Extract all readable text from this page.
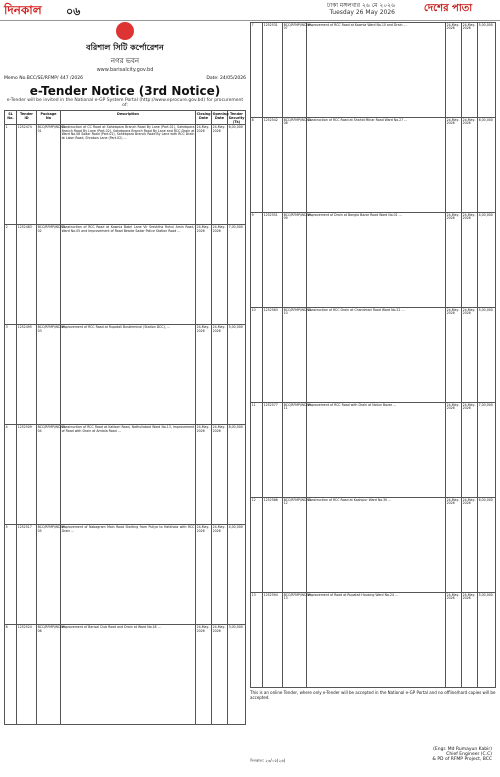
দিনকাল ০৬	ঢাকা মঙ্গলবার ২৬ মে ২০২৬
Tuesday 26 May 2026	দেশের পাতা
বরিশাল সিটি কর্পোরেশন
নগর ভবন
www.barisalcity.gov.bd
Memo No.BCC/SE/RFMP/ 447 /2026	Date: 24/05/2026
e-Tender Notice (3rd Notice)
e-Tender will be invited in the National e-GP System Portal (http://www.eprocure.gov.bd) for procurement of:
SL No.	Tender ID	Package No	Description	Closing Date	Opening Date	Tender Security (Tk)
1	1252474	BCC/RFMP/WD/W-01	Construction of CC Road at Sahebpara Branch Road By Lane (Part-01), Sahebpara Branch Road By Lane (Part-02), Sahebpara Branch Road By Lane and RCC Drain at Ward No.06 Sadar Road (Part-01), Sahebpara Branch Road By Lane with RCC Drain at Lalon Road, Shrabon Lane (Part-02) ...	24-May-2026	24-May-2026	6,00,000
2	1252483	BCC/RFMP/WD/W-02	Construction of RCC Road at Kawnia Babri Lane Vir Sreshtha Ruhul Amin Road, Ward No.05 and Improvement of Road Beside Sadar Police Station Road ...	24-May-2026	24-May-2026	7,00,000
3	1252495	BCC/RFMP/WD/W-03	Improvement of RCC Road at Rupatali Busterminal (Station DCC), ...	24-May-2026	24-May-2026	5,00,000
4	1252509	BCC/RFMP/WD/W-04	Construction of RCC Road at Kalibari Road, Nathullabad Ward No.13, Improvement of Road with Drain at Amtala Road ...	24-May-2026	24-May-2026	8,00,000
5	1252517	BCC/RFMP/WD/W-05	Improvement of Nabagram Main Road Starting from Puliya to Hatkhola with RCC Drain ...	24-May-2026	24-May-2026	4,00,000
6	1252524	BCC/RFMP/WD/W-06	Improvement of Barisal Club Road and Drain at Ward No.18 ...	24-May-2026	24-May-2026	3,00,000
7	1252531	BCC/RFMP/WD/W-07	Improvement of RCC Road at Kawnia Ward No.10 and Drain ...	24-May-2026	24-May-2026	5,00,000
8	1252542	BCC/RFMP/WD/W-08	Construction of RCC Road at Shahid Minar Road Ward No.27 ...	24-May-2026	24-May-2026	6,00,000
9	1252551	BCC/RFMP/WD/W-09	Improvement of Drain at Bangla Bazar Road Ward No.01 ...	24-May-2026	24-May-2026	4,00,000
10	1252563	BCC/RFMP/WD/W-10	Construction of RCC Drain at Chandmari Road Ward No.22 ...	24-May-2026	24-May-2026	5,00,000
11	1252577	BCC/RFMP/WD/W-11	Improvement of RCC Road with Drain at Notun Bazar ...	24-May-2026	24-May-2026	7,00,000
12	1252586	BCC/RFMP/WD/W-12	Construction of RCC Road at Kashipur Ward No.30 ...	24-May-2026	24-May-2026	6,00,000
13	1252594	BCC/RFMP/WD/W-13	Improvement of Road at Rupatali Housing Ward No.24 ...	24-May-2026	24-May-2026	5,00,000
This is an online Tender, where only e-Tender will be accepted in the National e-GP Portal and no offline/hard copies will be accepted.
(Engr. Md Rumayun Kabir)
Chief Engineer (C.C)
& PD of RFMP Project, BCC
দিনকাল: ২৩/০৫(২৬)
